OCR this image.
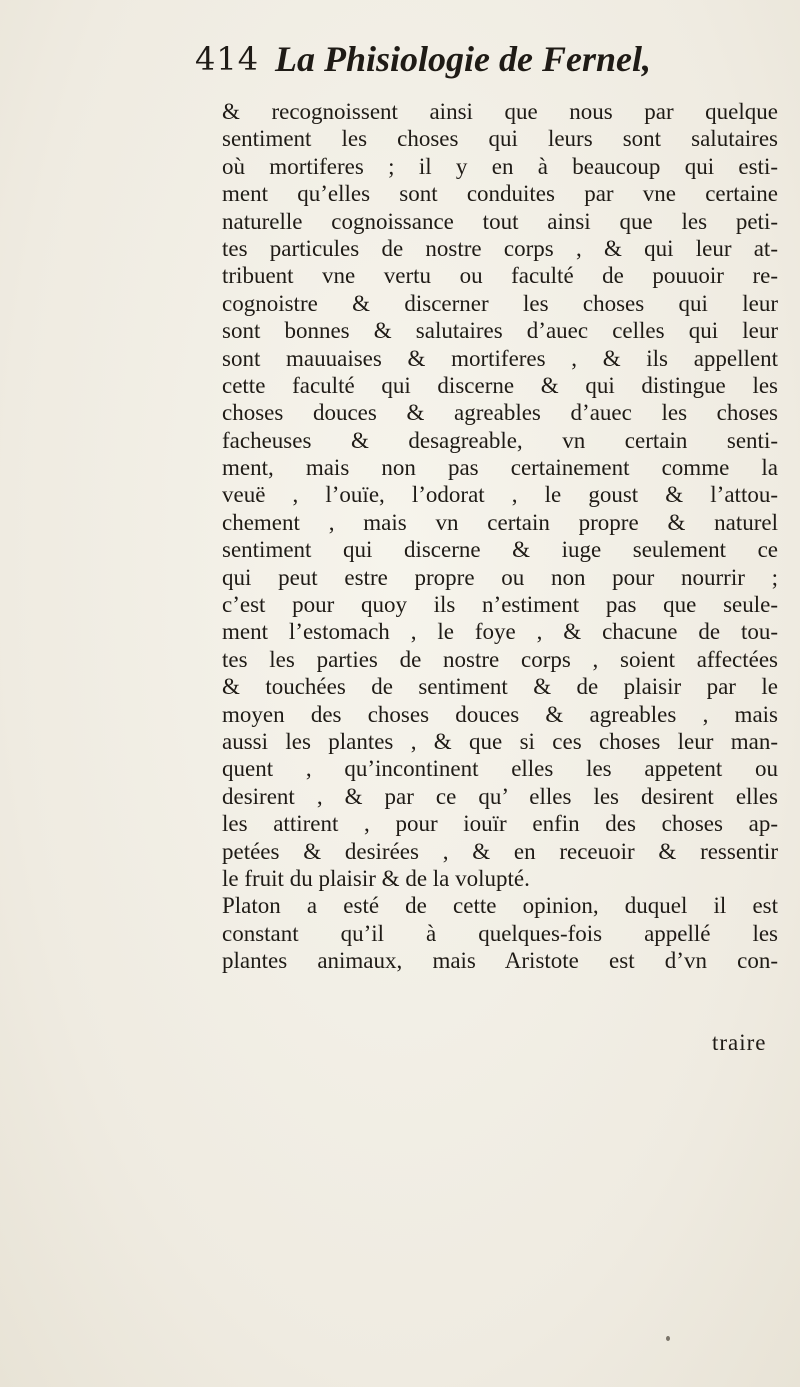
414 La Phisiologie de Fernel,
& recognoissent ainsi que nous par quelque
sentiment les choses qui leurs sont salutaires
où mortiferes ; il y en à beaucoup qui esti-
ment qu’elles sont conduites par vne certaine
naturelle cognoissance tout ainsi que les peti-
tes particules de nostre corps , & qui leur at-
tribuent vne vertu ou faculté de pouuoir re-
cognoistre & discerner les choses qui leur
sont bonnes & salutaires d’auec celles qui leur
sont mauuaises & mortiferes , & ils appellent
cette faculté qui discerne & qui distingue les
choses douces & agreables d’auec les choses
facheuses & desagreable, vn certain senti-
ment, mais non pas certainement comme la
veuë , l’ouïe, l’odorat , le goust & l’attou-
chement , mais vn certain propre & naturel
sentiment qui discerne & iuge seulement ce
qui peut estre propre ou non pour nourrir ;
c’est pour quoy ils n’estiment pas que seule-
ment l’estomach , le foye , & chacune de tou-
tes les parties de nostre corps , soient affectées
& touchées de sentiment & de plaisir par le
moyen des choses douces & agreables , mais
aussi les plantes , & que si ces choses leur man-
quent , qu’incontinent elles les appetent ou
desirent , & par ce qu’ elles les desirent elles
les attirent , pour iouïr enfin des choses ap-
petées & desirées , & en receuoir & ressentir
le fruit du plaisir & de la volupté.
Platon a esté de cette opinion, duquel il est
constant qu’il à quelques-fois appellé les
plantes animaux, mais Aristote est d’vn con-
traire
